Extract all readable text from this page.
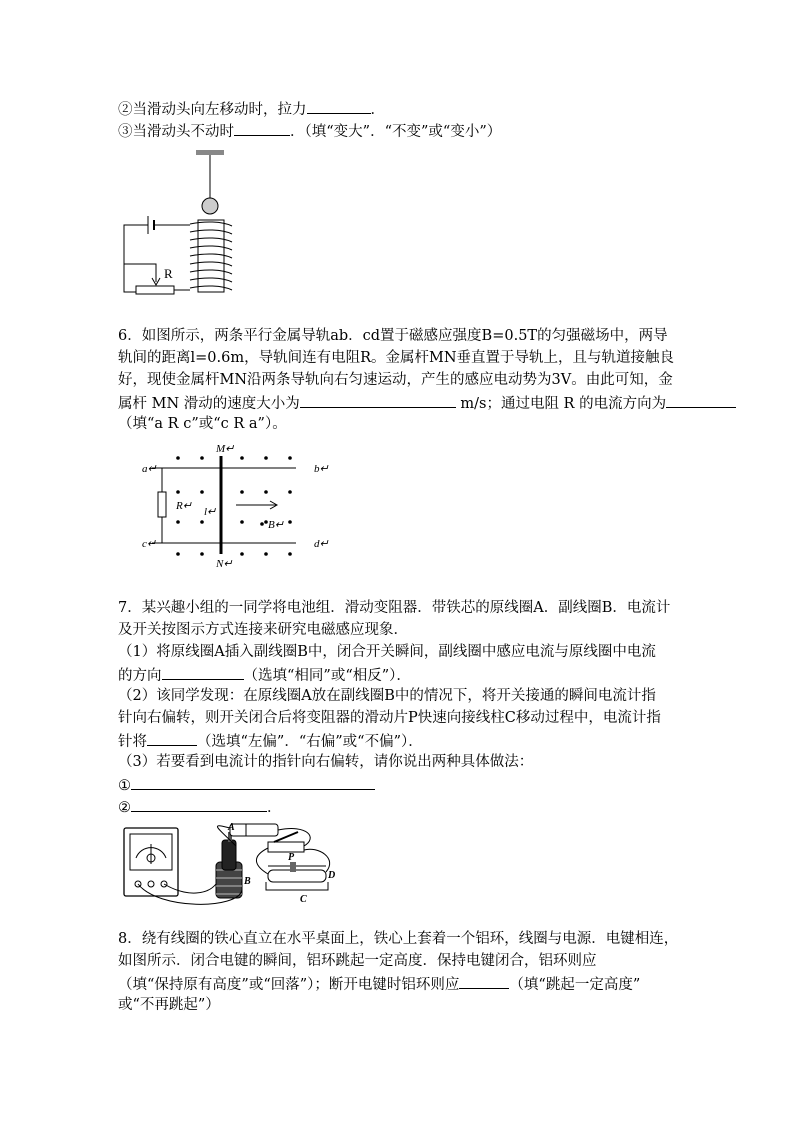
②当滑动头向左移动时，拉力	．
③当滑动头不动时	．（填“变大”．“不变”或“变小”）
R
6．如图所示，两条平行金属导轨ab．cd置于磁感应强度B=0.5T的匀强磁场中，两导
轨间的距离l=0.6m，导轨间连有电阻R。金属杆MN垂直置于导轨上，且与轨道接触良
好，现使金属杆MN沿两条导轨向右匀速运动，产生的感应电动势为3V。由此可知，金
属杆 MN 滑动的速度大小为	m/s；通过电阻 R 的电流方向为
（填“a R c”或“c R a”）。
M↵
N↵
a↵	b↵
c↵	d↵
R↵ l↵
B↵
7．某兴趣小组的一同学将电池组．滑动变阻器．带铁芯的原线圈A．副线圈B．电流计
及开关按图示方式连接来研究电磁感应现象．
（1）将原线圈A插入副线圈B中，闭合开关瞬间，副线圈中感应电流与原线圈中电流
的方向	（选填“相同”或“相反”）．
（2）该同学发现：在原线圈A放在副线圈B中的情况下，将开关接通的瞬间电流计指
针向右偏转，则开关闭合后将变阻器的滑动片P快速向接线柱C移动过程中，电流计指
针将	（选填“左偏”．“右偏”或“不偏”）．
（3）若要看到电流计的指针向右偏转，请你说出两种具体做法：
①
②	．
A
B
P
C
D
8．绕有线圈的铁心直立在水平桌面上，铁心上套着一个铝环，线圈与电源．电键相连，
如图所示．闭合电键的瞬间，铝环跳起一定高度．保持电键闭合，铝环则应
（填“保持原有高度”或“回落”）；断开电键时铝环则应	（填“跳起一定高度”
或“不再跳起”）
